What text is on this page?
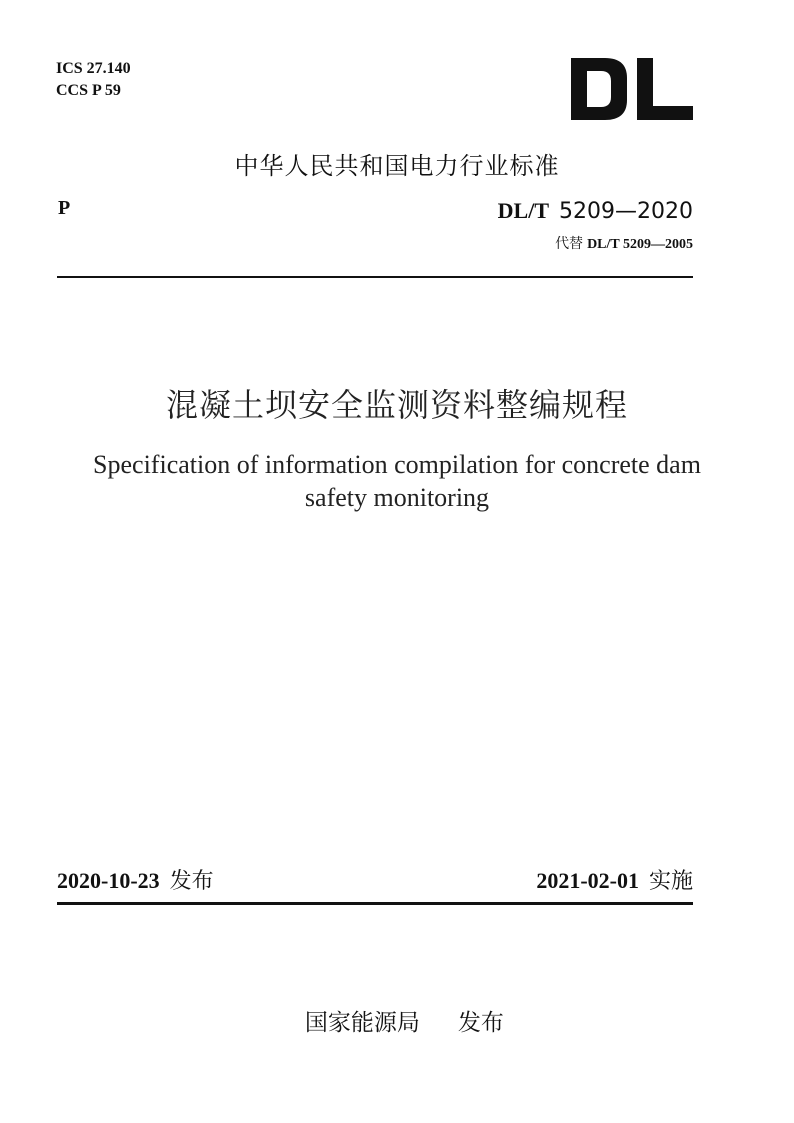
ICS 27.140
CCS P 59
中华人民共和国电力行业标准
P	DL/T 5209—2020
代替 DL/T 5209—2005
混凝土坝安全监测资料整编规程
Specification of information compilation for concrete dam
safety monitoring
2020-10-23 发布	2021-02-01 实施

国家能源局 发布
